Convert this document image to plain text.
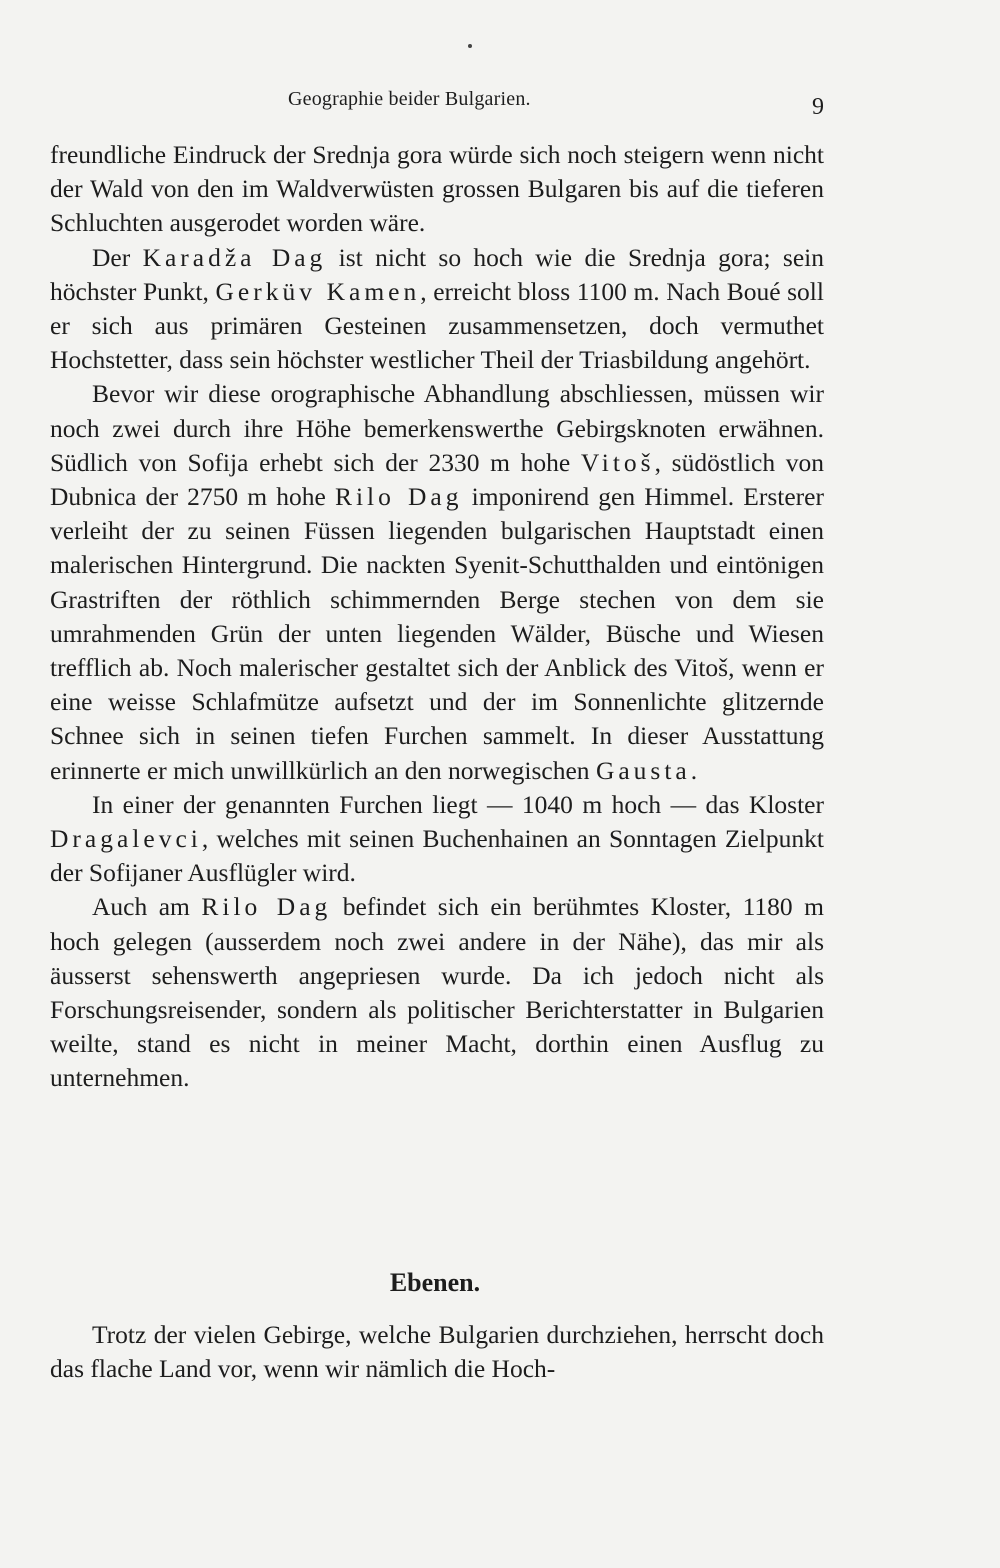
Geographie beider Bulgarien.	9

freundliche Eindruck der Srednja gora würde sich noch steigern wenn nicht der Wald von den im Waldverwüsten grossen Bulgaren bis auf die tieferen Schluchten ausgerodet worden wäre.

Der Karadža Dag ist nicht so hoch wie die Srednja gora; sein höchster Punkt, Gerküv Kamen, erreicht bloss 1100 m. Nach Boué soll er sich aus primären Gesteinen zusammensetzen, doch vermuthet Hochstetter, dass sein höchster westlicher Theil der Triasbildung angehört.

Bevor wir diese orographische Abhandlung abschliessen, müssen wir noch zwei durch ihre Höhe bemerkenswerthe Gebirgsknoten erwähnen. Südlich von Sofija erhebt sich der 2330 m hohe Vitoš, südöstlich von Dubnica der 2750 m hohe Rilo Dag imponirend gen Himmel. Ersterer verleiht der zu seinen Füssen liegenden bulgarischen Hauptstadt einen malerischen Hintergrund. Die nackten Syenit-Schutthalden und eintönigen Grastriften der röthlich schimmernden Berge stechen von dem sie umrahmenden Grün der unten liegenden Wälder, Büsche und Wiesen trefflich ab. Noch malerischer gestaltet sich der Anblick des Vitoš, wenn er eine weisse Schlafmütze aufsetzt und der im Sonnenlichte glitzernde Schnee sich in seinen tiefen Furchen sammelt. In dieser Ausstattung erinnerte er mich unwillkürlich an den norwegischen Gausta.

In einer der genannten Furchen liegt — 1040 m hoch — das Kloster Dragalevci, welches mit seinen Buchenhainen an Sonntagen Zielpunkt der Sofijaner Ausflügler wird.

Auch am Rilo Dag befindet sich ein berühmtes Kloster, 1180 m hoch gelegen (ausserdem noch zwei andere in der Nähe), das mir als äusserst sehenswerth angepriesen wurde. Da ich jedoch nicht als Forschungsreisender, sondern als politischer Berichterstatter in Bulgarien weilte, stand es nicht in meiner Macht, dorthin einen Ausflug zu unternehmen.

Ebenen.

Trotz der vielen Gebirge, welche Bulgarien durchziehen, herrscht doch das flache Land vor, wenn wir nämlich die Hoch-
